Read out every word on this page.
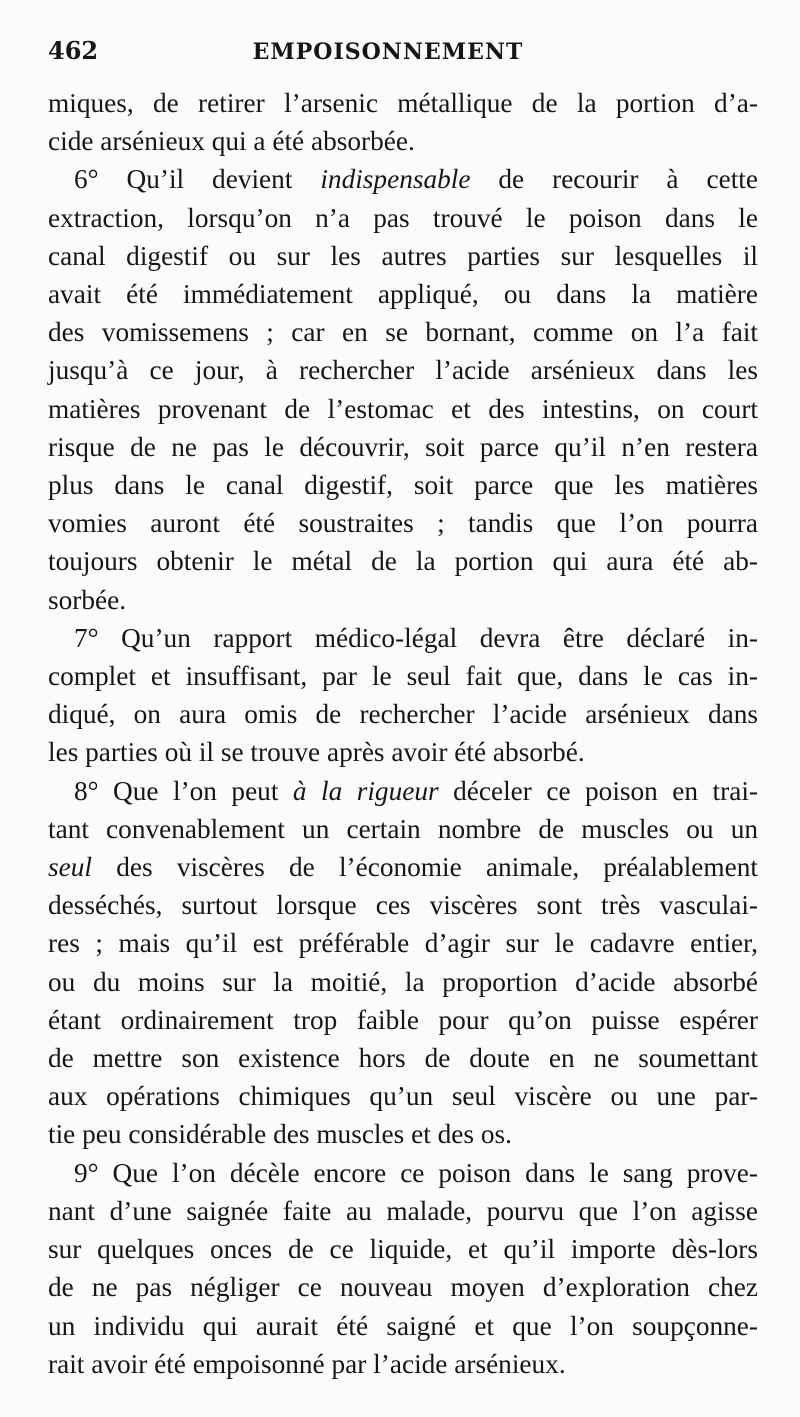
462	EMPOISONNEMENT
miques, de retirer l’arsenic métallique de la portion d’a-
cide arsénieux qui a été absorbée.
6° Qu’il devient indispensable de recourir à cette
extraction, lorsqu’on n’a pas trouvé le poison dans le
canal digestif ou sur les autres parties sur lesquelles il
avait été immédiatement appliqué, ou dans la matière
des vomissemens ; car en se bornant, comme on l’a fait
jusqu’à ce jour, à rechercher l’acide arsénieux dans les
matières provenant de l’estomac et des intestins, on court
risque de ne pas le découvrir, soit parce qu’il n’en restera
plus dans le canal digestif, soit parce que les matières
vomies auront été soustraites ; tandis que l’on pourra
toujours obtenir le métal de la portion qui aura été ab-
sorbée.
7° Qu’un rapport médico-légal devra être déclaré in-
complet et insuffisant, par le seul fait que, dans le cas in-
diqué, on aura omis de rechercher l’acide arsénieux dans
les parties où il se trouve après avoir été absorbé.
8° Que l’on peut à la rigueur déceler ce poison en trai-
tant convenablement un certain nombre de muscles ou un
seul des viscères de l’économie animale, préalablement
desséchés, surtout lorsque ces viscères sont très vasculai-
res ; mais qu’il est préférable d’agir sur le cadavre entier,
ou du moins sur la moitié, la proportion d’acide absorbé
étant ordinairement trop faible pour qu’on puisse espérer
de mettre son existence hors de doute en ne soumettant
aux opérations chimiques qu’un seul viscère ou une par-
tie peu considérable des muscles et des os.
9° Que l’on décèle encore ce poison dans le sang prove-
nant d’une saignée faite au malade, pourvu que l’on agisse
sur quelques onces de ce liquide, et qu’il importe dès-lors
de ne pas négliger ce nouveau moyen d’exploration chez
un individu qui aurait été saigné et que l’on soupçonne-
rait avoir été empoisonné par l’acide arsénieux.
